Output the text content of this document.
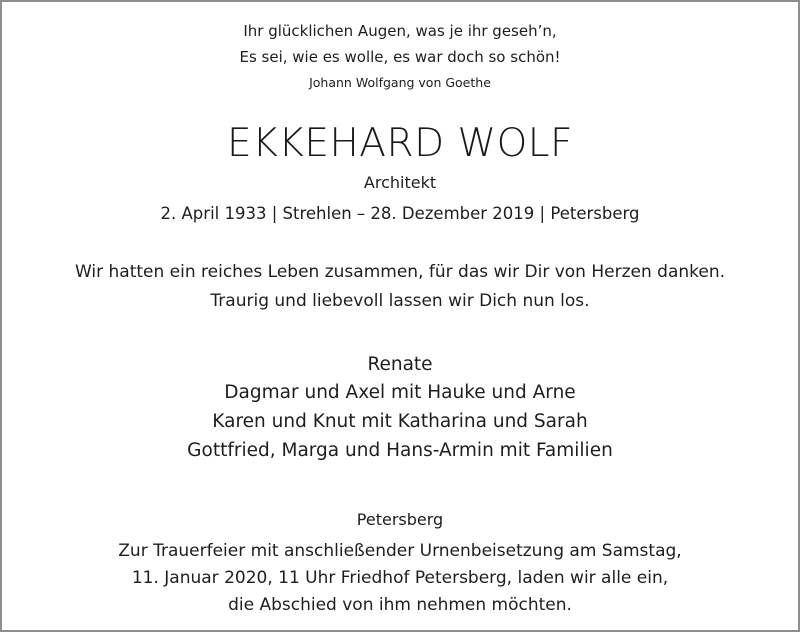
Ihr glücklichen Augen, was je ihr geseh’n,
Es sei, wie es wolle, es war doch so schön!
Johann Wolfgang von Goethe
EKKEHARD WOLF
Architekt
2. April 1933 | Strehlen – 28. Dezember 2019 | Petersberg
Wir hatten ein reiches Leben zusammen, für das wir Dir von Herzen danken.
Traurig und liebevoll lassen wir Dich nun los.
Renate
Dagmar und Axel mit Hauke und Arne
Karen und Knut mit Katharina und Sarah
Gottfried, Marga und Hans-Armin mit Familien
Petersberg
Zur Trauerfeier mit anschließender Urnenbeisetzung am Samstag,
11. Januar 2020, 11 Uhr Friedhof Petersberg, laden wir alle ein,
die Abschied von ihm nehmen möchten.
